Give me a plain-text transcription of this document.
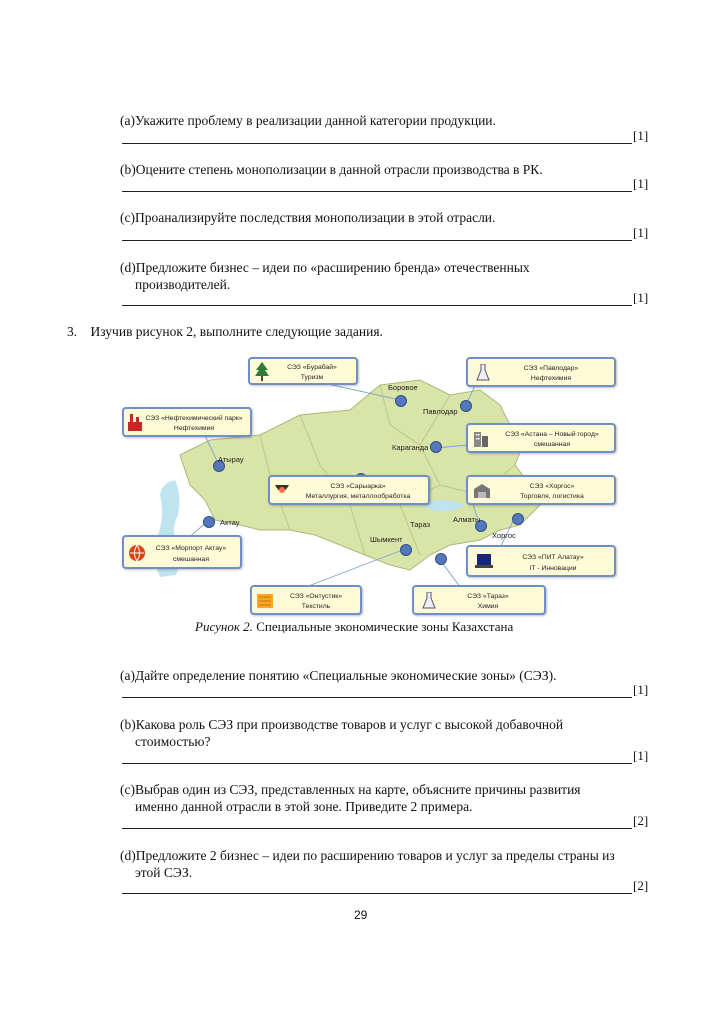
(a)Укажите проблему в реализации данной категории продукции.
[1]
(b)Оцените степень монополизации в данной отрасли производства в РК.
[1]
(c)Проанализируйте последствия монополизации в этой отрасли.
[1]
(d)Предложите бизнес – идеи по «расширению бренда» отечественных
производителей.
[1]
3. Изучив рисунок 2, выполните следующие задания.
Боровое
Павлодар
Караганда
Атырау
Актау	Тараз
Алматы
Хоргос
Шымкент
СЭЗ «Бурабай»
Туризм
СЭЗ «Павлодар»
Нефтехимия
СЭЗ «Нефтехимический парк»
Нефтехимия
СЭЗ «Астана – Новый город»
смешанная
СЭЗ «Сарыарка»
Металлургия, металлообработка
СЭЗ «Хоргос»
Торговля, логистика
СЭЗ «Морпорт Актау»
смешанная	СЭЗ «ПИТ Алатау»
IT - Инновации
СЭЗ «Онтустик»
Текстиль
СЭЗ «Тараз»
Химия
Рисунок 2. Специальные экономические зоны Казахстана
(a)Дайте определение понятию «Специальные экономические зоны» (СЭЗ).
[1]
(b)Какова роль СЭЗ при производстве товаров и услуг с высокой добавочной
стоимостью?
[1]
(c)Выбрав один из СЭЗ, представленных на карте, объясните причины развития
именно данной отрасли в этой зоне. Приведите 2 примера.
[2]
(d)Предложите 2 бизнес – идеи по расширению товаров и услуг за пределы страны из
этой СЭЗ.
[2]
29
